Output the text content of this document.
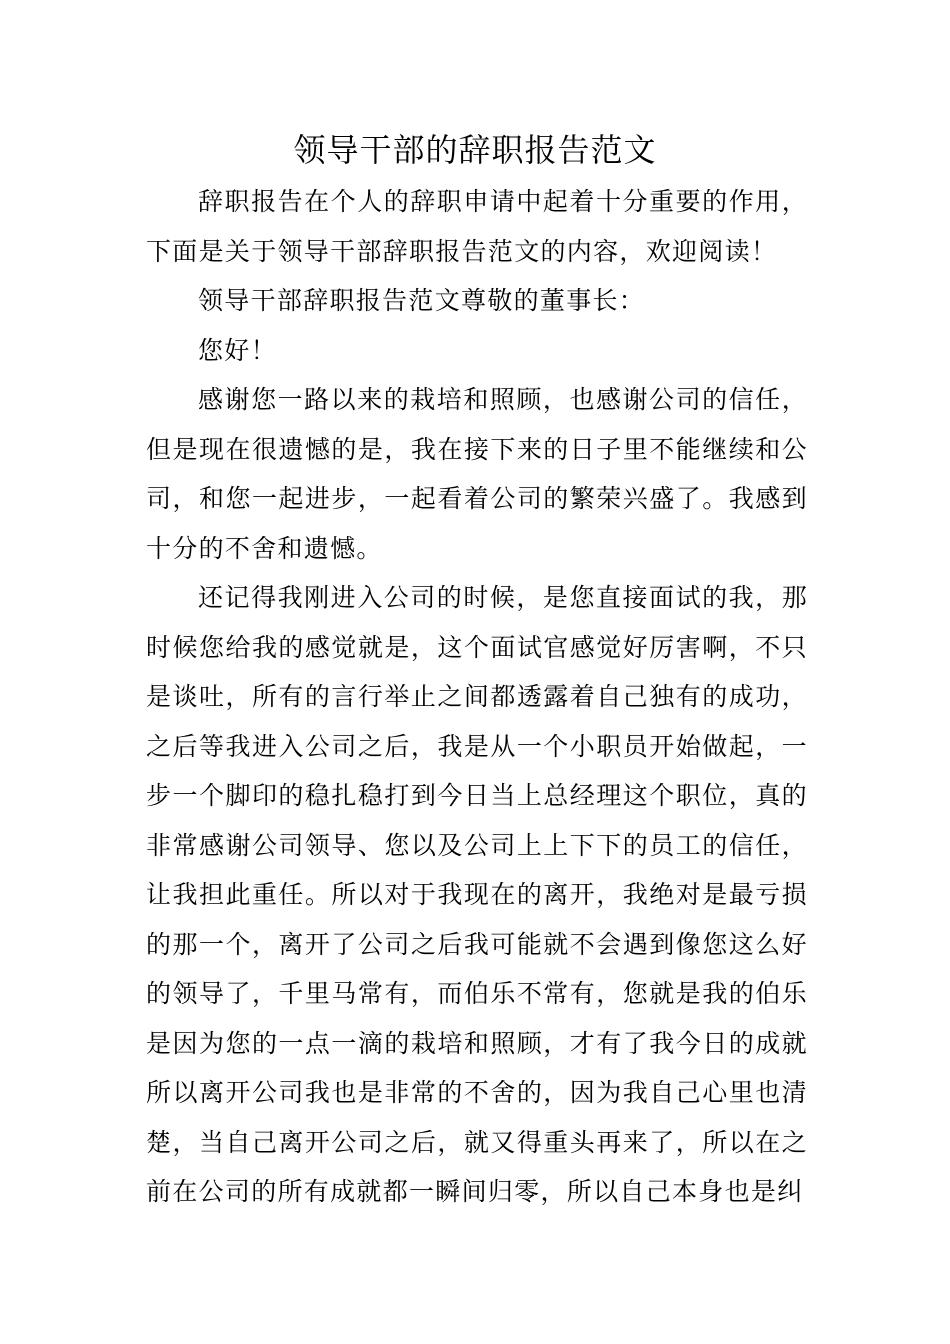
领导干部的辞职报告范文

辞职报告在个人的辞职申请中起着十分重要的作用，下面是关于领导干部辞职报告范文的内容，欢迎阅读！

领导干部辞职报告范文尊敬的董事长：

您好！

感谢您一路以来的栽培和照顾，也感谢公司的信任，但是现在很遗憾的是，我在接下来的日子里不能继续和公司，和您一起进步，一起看着公司的繁荣兴盛了。我感到十分的不舍和遗憾。

还记得我刚进入公司的时候，是您直接面试的我，那时候您给我的感觉就是，这个面试官感觉好厉害啊，不只是谈吐，所有的言行举止之间都透露着自己独有的成功，之后等我进入公司之后，我是从一个小职员开始做起，一步一个脚印的稳扎稳打到今日当上总经理这个职位，真的非常感谢公司领导、您以及公司上上下下的员工的信任，让我担此重任。所以对于我现在的离开，我绝对是最亏损的那一个，离开了公司之后我可能就不会遇到像您这么好的领导了，千里马常有，而伯乐不常有，您就是我的伯乐是因为您的一点一滴的栽培和照顾，才有了我今日的成就所以离开公司我也是非常的不舍的，因为我自己心里也清楚，当自己离开公司之后，就又得重头再来了，所以在之前在公司的所有成就都一瞬间归零，所以自己本身也是纠
